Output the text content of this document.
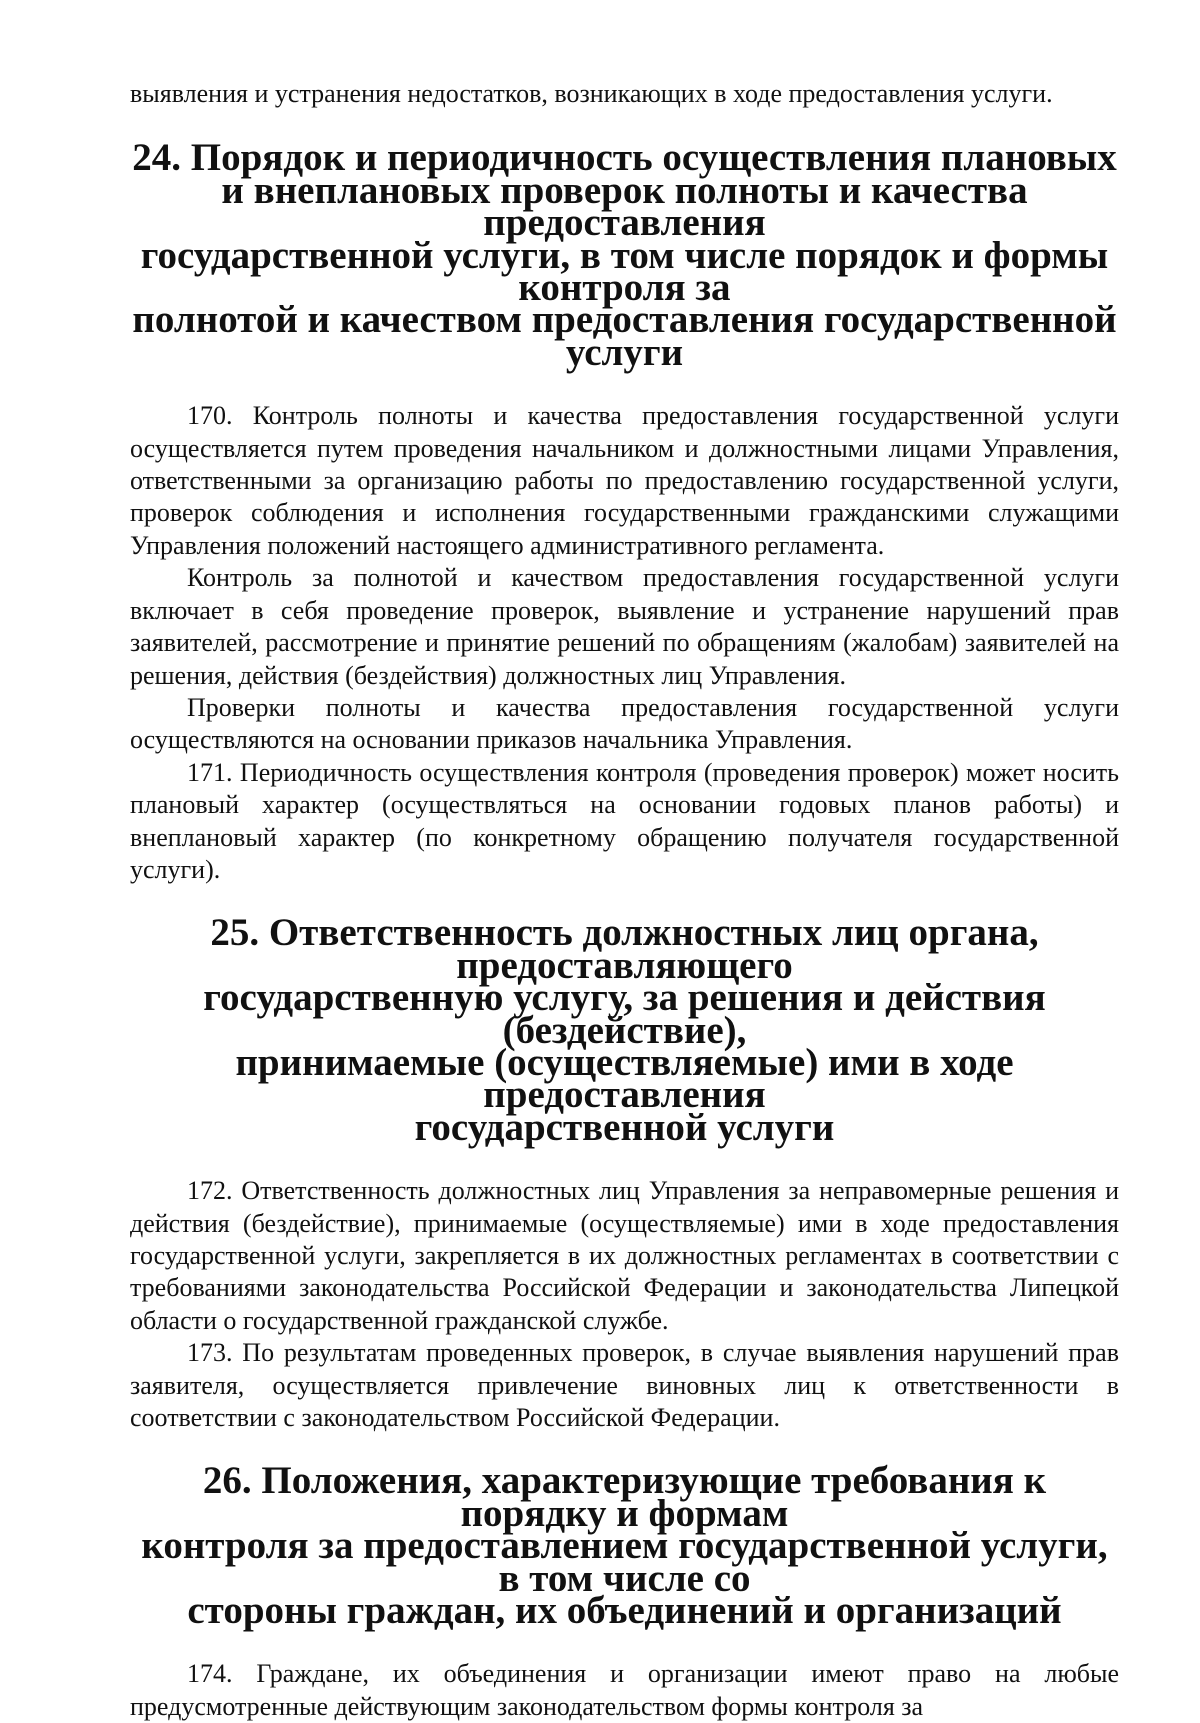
выявления и устранения недостатков, возникающих в ходе предоставления услуги.

24. Порядок и периодичность осуществления плановых
и внеплановых проверок полноты и качества предоставления
государственной услуги, в том числе порядок и формы контроля за
полнотой и качеством предоставления государственной услуги

170. Контроль полноты и качества предоставления государственной услуги осуществляется путем проведения начальником и должностными лицами Управления, ответственными за организацию работы по предоставлению государственной услуги, проверок соблюдения и исполнения государственными гражданскими служащими Управления положений настоящего административного регламента.

Контроль за полнотой и качеством предоставления государственной услуги включает в себя проведение проверок, выявление и устранение нарушений прав заявителей, рассмотрение и принятие решений по обращениям (жалобам) заявителей на решения, действия (бездействия) должностных лиц Управления.

Проверки полноты и качества предоставления государственной услуги осуществляются на основании приказов начальника Управления.

171. Периодичность осуществления контроля (проведения проверок) может носить плановый характер (осуществляться на основании годовых планов работы) и внеплановый характер (по конкретному обращению получателя государственной услуги).

25. Ответственность должностных лиц органа, предоставляющего
государственную услугу, за решения и действия (бездействие),
принимаемые (осуществляемые) ими в ходе предоставления
государственной услуги

172. Ответственность должностных лиц Управления за неправомерные решения и действия (бездействие), принимаемые (осуществляемые) ими в ходе предоставления государственной услуги, закрепляется в их должностных регламентах в соответствии с требованиями законодательства Российской Федерации и законодательства Липецкой области о государственной гражданской службе.

173. По результатам проведенных проверок, в случае выявления нарушений прав заявителя, осуществляется привлечение виновных лиц к ответственности в соответствии с законодательством Российской Федерации.

26. Положения, характеризующие требования к порядку и формам
контроля за предоставлением государственной услуги, в том числе со
стороны граждан, их объединений и организаций

174. Граждане, их объединения и организации имеют право на любые предусмотренные действующим законодательством формы контроля за
